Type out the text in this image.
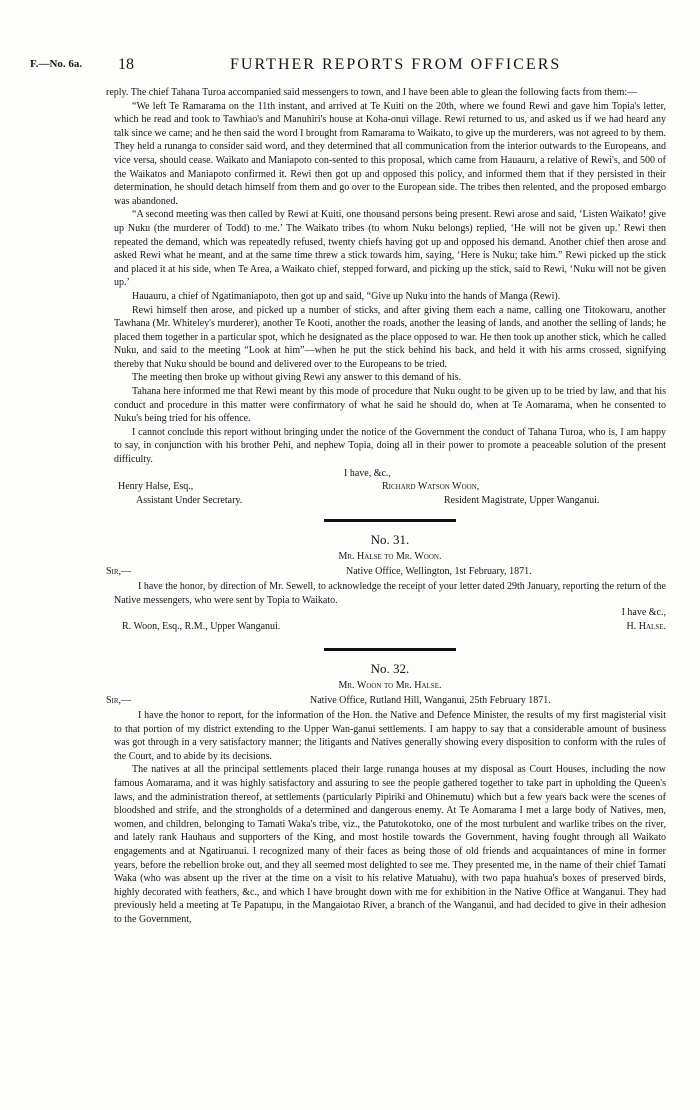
F.—No. 6a. 18	FURTHER REPORTS FROM OFFICERS

reply. The chief Tahana Turoa accompanied said messengers to town, and I have been able to glean the following facts from them:—

“We left Te Ramarama on the 11th instant, and arrived at Te Kuiti on the 20th, where we found Rewi and gave him Topia's letter, which he read and took to Tawhiao's and Manuhiri's house at Koha-onui village. Rewi returned to us, and asked us if we had heard any talk since we came; and he then said the word I brought from Ramarama to Waikato, to give up the murderers, was not agreed to by them. They held a runanga to consider said word, and they determined that all communication from the interior outwards to the Europeans, and vice versa, should cease. Waikato and Maniapoto con-sented to this proposal, which came from Hauauru, a relative of Rewi's, and 500 of the Waikatos and Maniapoto confirmed it. Rewi then got up and opposed this policy, and informed them that if they persisted in their determination, he should detach himself from them and go over to the European side. The tribes then relented, and the proposed embargo was abandoned.

“A second meeting was then called by Rewi at Kuiti, one thousand persons being present. Rewi arose and said, ‘Listen Waikato! give up Nuku (the murderer of Todd) to me.’ The Waikato tribes (to whom Nuku belongs) replied, ‘He will not be given up.’ Rewi then repeated the demand, which was repeatedly refused, twenty chiefs having got up and opposed his demand. Another chief then arose and asked Rewi what he meant, and at the same time threw a stick towards him, saying, ‘Here is Nuku; take him.” Rewi picked up the stick and placed it at his side, when Te Area, a Waikato chief, stepped forward, and picking up the stick, said to Rewi, ‘Nuku will not be given up.’

Hauauru, a chief of Ngatimaniapoto, then got up and said, “Give up Nuku into the hands of Manga (Rewi).

Rewi himself then arose, and picked up a number of sticks, and after giving them each a name, calling one Titokowaru, another Tawhana (Mr. Whiteley's murderer), another Te Kooti, another the roads, another the leasing of lands, and another the selling of lands; he placed them together in a particular spot, which he designated as the place opposed to war. He then took up another stick, which he called Nuku, and said to the meeting “Look at him”—when he put the stick behind his back, and held it with his arms crossed, signifying thereby that Nuku should be bound and delivered over to the Europeans to be tried.

The meeting then broke up without giving Rewi any answer to this demand of his.

Tahana here informed me that Rewi meant by this mode of procedure that Nuku ought to be given up to be tried by law, and that his conduct and procedure in this matter were confirmatory of what he said he should do, when at Te Aomarama, when he consented to Nuku's being tried for his offence.

I cannot conclude this report without bringing under the notice of the Government the conduct of Tahana Turoa, who is, I am happy to say, in conjunction with his brother Pehi, and nephew Topia, doing all in their power to promote a peaceable solution of the present difficulty.

I have, &c.,
Henry Halse, Esq.,	Richard Watson Woon,
Assistant Under Secretary.	Resident Magistrate, Upper Wanganui.
No. 31.
Mr. Halse to Mr. Woon.
Sir,—	Native Office, Wellington, 1st February, 1871.

I have the honor, by direction of Mr. Sewell, to acknowledge the receipt of your letter dated 29th January, reporting the return of the Native messengers, who were sent by Topia to Waikato.

I have &c.,
R. Woon, Esq., R.M., Upper Wanganui.	H. Halse.
No. 32.
Mr. Woon to Mr. Halse.
Sir,—	Native Office, Rutland Hill, Wanganui, 25th February 1871.

I have the honor to report, for the information of the Hon. the Native and Defence Minister, the results of my first magisterial visit to that portion of my district extending to the Upper Wan-ganui settlements. I am happy to say that a considerable amount of business was got through in a very satisfactory manner; the litigants and Natives generally showing every disposition to conform with the rules of the Court, and to abide by its decisions.

The natives at all the principal settlements placed their large runanga houses at my disposal as Court Houses, including the now famous Aomarama, and it was highly satisfactory and assuring to see the people gathered together to take part in upholding the Queen's laws, and the administration thereof, at settlements (particularly Pipiriki and Ohinemutu) which but a few years back were the scenes of bloodshed and strife, and the strongholds of a determined and dangerous enemy. At Te Aomarama I met a large body of Natives, men, women, and children, belonging to Tamati Waka's tribe, viz., the Patutokotoko, one of the most turbulent and warlike tribes on the river, and lately rank Hauhaus and supporters of the King, and most hostile towards the Government, having fought through all Waikato engagements and at Ngatiruanui. I recognized many of their faces as being those of old friends and acquaintances of mine in former years, before the rebellion broke out, and they all seemed most delighted to see me. They presented me, in the name of their chief Tamati Waka (who was absent up the river at the time on a visit to his relative Matuahu), with two papa huahua's boxes of preserved birds, highly decorated with feathers, &c., and which I have brought down with me for exhibition in the Native Office at Wanganui. They had previously held a meeting at Te Papatupu, in the Mangaiotao River, a branch of the Wanganui, and had decided to give in their adhesion to the Government,
